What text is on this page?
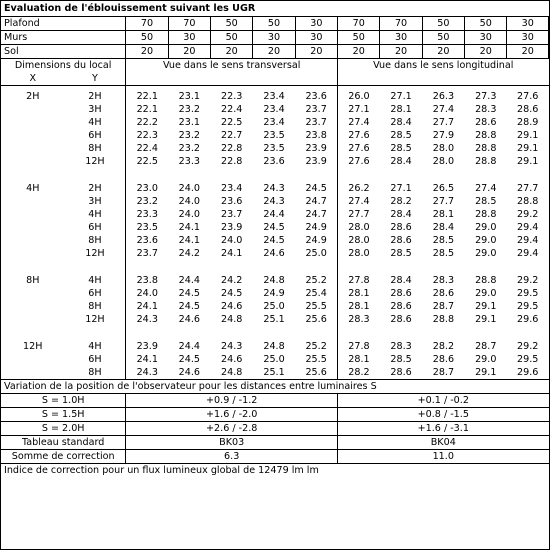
Evaluation de l'éblouissement suivant les UGR											
Plafond		70	70	50	50	30	70	70	50	50	30
Murs		50	30	50	30	30	50	30	50	30	30
Sol		20	20	20	20	20	20	20	20	20	20
Dimensions du local		Vue dans le sens transversal					Vue dans le sens longitudinal				
X	Y										

2H	2H	22.1	23.1	22.3	23.4	23.6	26.0	27.1	26.3	27.3	27.6
	3H	22.1	23.2	22.4	23.4	23.7	27.1	28.1	27.4	28.3	28.6
	4H	22.2	23.1	22.5	23.4	23.7	27.4	28.4	27.7	28.6	28.9
	6H	22.3	23.2	22.7	23.5	23.8	27.6	28.5	27.9	28.8	29.1
	8H	22.4	23.2	22.8	23.5	23.9	27.6	28.5	28.0	28.8	29.1
	12H	22.5	23.3	22.8	23.6	23.9	27.6	28.4	28.0	28.8	29.1

4H	2H	23.0	24.0	23.4	24.3	24.5	26.2	27.1	26.5	27.4	27.7
	3H	23.2	24.0	23.6	24.3	24.7	27.4	28.2	27.7	28.5	28.8
	4H	23.3	24.0	23.7	24.4	24.7	27.7	28.4	28.1	28.8	29.2
	6H	23.5	24.1	23.9	24.5	24.9	28.0	28.6	28.4	29.0	29.4
	8H	23.6	24.1	24.0	24.5	24.9	28.0	28.6	28.5	29.0	29.4
	12H	23.7	24.2	24.1	24.6	25.0	28.0	28.5	28.5	29.0	29.4

8H	4H	23.8	24.4	24.2	24.8	25.2	27.8	28.4	28.3	28.8	29.2
	6H	24.0	24.5	24.5	24.9	25.4	28.1	28.6	28.6	29.0	29.5
	8H	24.1	24.5	24.6	25.0	25.5	28.1	28.6	28.7	29.1	29.5
	12H	24.3	24.6	24.8	25.1	25.6	28.3	28.6	28.8	29.1	29.6

12H	4H	23.9	24.4	24.3	24.8	25.2	27.8	28.3	28.2	28.7	29.2
	6H	24.1	24.5	24.6	25.0	25.5	28.1	28.5	28.6	29.0	29.5
	8H	24.3	24.6	24.8	25.1	25.6	28.2	28.6	28.7	29.1	29.6
Variation de la position de l'observateur pour les distances entre luminaires S											
S = 1.0H		+0.9 / -1.2					+0.1 / -0.2				
S = 1.5H		+1.6 / -2.0					+0.8 / -1.5				
S = 2.0H		+2.6 / -2.8					+1.6 / -3.1				
Tableau standard		BK03					BK04				
Somme de correction		6.3					11.0				
Indice de correction pour un flux lumineux global de 12479 lm lm											
